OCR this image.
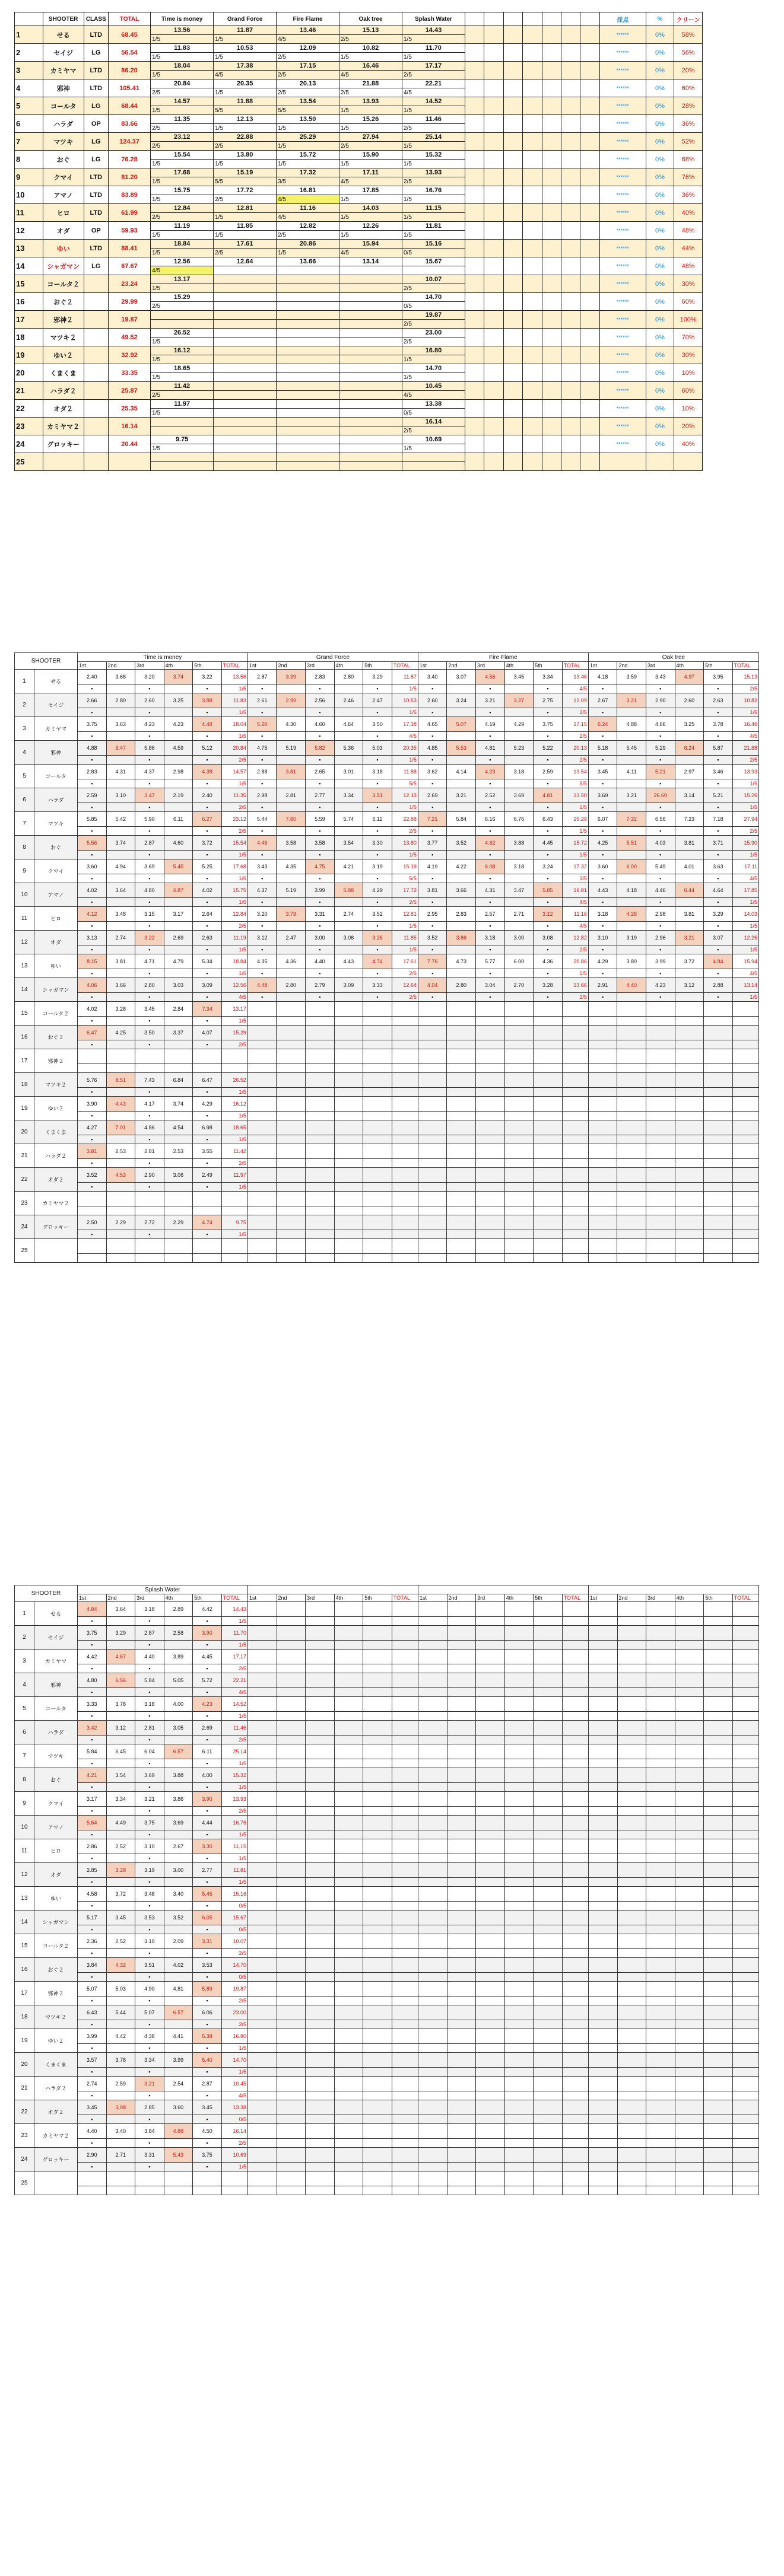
	SHOOTER	CLASS	TOTAL	Time is money	Grand Force	Fire Flame	Oak tree	Splash Water								採点	%	クリーン
1	せる	LTD	68.45	13.56	11.87	13.46	15.13	14.43								******	0%	58%
				1/5	1/5	4/5	2/5	1/5										
2	セイジ	LG	56.54	11.83	10.53	12.09	10.82	11.70								******	0%	56%
				1/5	1/5	2/5	1/5	1/5										
3	カミヤマ	LTD	86.20	18.04	17.38	17.15	16.46	17.17								******	0%	20%
				1/5	4/5	2/5	4/5	2/5										
4	邪神	LTD	105.41	20.84	20.35	20.13	21.88	22.21								******	0%	60%
				2/5	1/5	2/5	2/5	4/5										
5	コールタ	LG	68.44	14.57	11.88	13.54	13.93	14.52								******	0%	28%
				1/5	5/5	5/5	1/5	1/5										
6	ハラダ	OP	83.66	11.35	12.13	13.50	15.26	11.46								******	0%	36%
				2/5	1/5	1/5	1/5	2/5										
7	マツキ	LG	124.37	23.12	22.88	25.29	27.94	25.14								******	0%	52%
				2/5	2/5	1/5	2/5	1/5										
8	おぐ	LG	76.28	15.54	13.80	15.72	15.90	15.32								******	0%	68%
				1/5	1/5	1/5	1/5	1/5										
9	クマイ	LTD	81.20	17.68	15.19	17.32	17.11	13.93								******	0%	76%
				1/5	5/5	3/5	4/5	2/5										
10	アマノ	LTD	83.89	15.75	17.72	16.81	17.85	16.76								******	0%	36%
				1/5	2/5	4/5	1/5	1/5										
11	ヒロ	LTD	61.99	12.84	12.81	11.16	14.03	11.15								******	0%	40%
				2/5	1/5	4/5	1/5	1/5										
12	オダ	OP	59.93	11.19	11.85	12.82	12.26	11.81								******	0%	48%
				1/5	1/5	2/5	1/5	1/5										
13	ゆい	LTD	88.41	18.84	17.61	20.86	15.94	15.16								******	0%	44%
				1/5	2/5	1/5	4/5	0/5										
14	シャガマン	LG	67.67	12.56	12.64	13.66	13.14	15.67								******	0%	48%
				4/5														
15	コールタ２		23.24	13.17				10.07								******	0%	30%
				1/5				2/5										
16	おぐ２		29.99	15.29				14.70								******	0%	60%
				2/5				0/5										
17	邪神２		19.87					19.87								******	0%	100%
								2/5										
18	マツキ２		49.52	26.52				23.00								******	0%	70%
				1/5				2/5										
19	ゆい２		32.92	16.12				16.80								******	0%	30%
				1/5				1/5										
20	くまくま		33.35	18.65				14.70								******	0%	10%
				1/5				1/5										
21	ハラダ２		25.87	11.42				10.45								******	0%	60%
				2/5				4/5										
22	オダ２		25.35	11.97				13.38								******	0%	10%
				1/5				0/5										
23	カミヤマ２		16.14					16.14								******	0%	20%
								2/5										
24	グロッキー		20.44	9.75				10.69								******	0%	40%
				1/5				1/5										
25																		

SHOOTER		Time is money						Grand Force						Fire Flame						Oak tree					
		1st	2nd	3rd	4th	5th	TOTAL	1st	2nd	3rd	4th	5th	TOTAL	1st	2nd	3rd	4th	5th	TOTAL	1st	2nd	3rd	4th	5th	TOTAL
1	せる	2.40	3.68	3.20	3.74	3.22	13.56	2.87	3.39	2.83	2.80	3.29	11.87	3.40	3.07	4.56	3.45	3.34	13.46	4.18	3.59	3.43	4.97	3.95	15.13
		▪		▪		▪	1/5	▪		▪		▪	1/5	▪		▪		▪	4/5	▪		▪		▪	2/5
2	セイジ	2.66	2.80	2.60	3.25	3.88	11.83	2.61	2.99	2.56	2.46	2.47	10.53	2.60	3.24	3.21	3.27	2.75	12.09	2.67	3.21	2.90	2.60	2.63	10.82
		▪		▪		▪	1/5	▪		▪		▪	1/5	▪		▪		▪	2/5	▪		▪		▪	1/5
3	カミヤマ	3.75	3.63	4.23	4.23	4.48	18.04	5.20	4.30	4.60	4.64	3.50	17.38	4.65	5.07	4.19	4.29	3.75	17.15	6.24	4.88	4.66	3.25	3.78	16.46
		▪		▪		▪	1/5	▪		▪		▪	4/5	▪		▪		▪	2/5	▪		▪		▪	4/5
4	邪神	4.88	6.47	5.86	4.59	5.12	20.84	4.75	5.19	5.82	5.36	5.03	20.35	4.85	5.53	4.81	5.23	5.22	20.13	5.18	5.45	5.29	6.24	5.87	21.88
		▪		▪		▪	2/5	▪		▪		▪	1/5	▪		▪		▪	2/5	▪		▪		▪	2/5
5	コールタ	2.83	4.31	4.37	2.98	4.38	14.57	2.88	3.81	2.65	3.01	3.18	11.88	3.62	4.14	4.23	3.18	2.59	13.54	3.45	4.11	5.21	2.97	3.46	13.93
		▪		▪		▪	1/5	▪		▪		▪	5/5	▪		▪		▪	5/5	▪		▪		▪	1/5
6	ハラダ	2.59	3.10	3.47	2.19	2.40	11.35	2.98	2.81	2.77	3.34	3.51	12.13	2.69	3.21	2.52	3.69	4.81	13.50	3.69	3.21	26.60	3.14	5.21	15.26
		▪		▪		▪	2/5	▪		▪		▪	1/5	▪		▪		▪	1/5	▪		▪		▪	1/5
7	マツキ	5.85	5.42	5.90	6.11	6.27	23.12	5.44	7.60	5.59	5.74	6.11	22.88	7.21	5.84	6.16	6.76	6.43	25.29	6.07	7.32	6.56	7.23	7.18	27.94
		▪		▪		▪	2/5	▪		▪		▪	2/5	▪		▪		▪	1/5	▪		▪		▪	2/5
8	おぐ	5.56	3.74	2.87	4.60	3.72	15.54	4.46	3.58	3.58	3.54	3.30	13.80	3.77	3.52	4.82	3.88	4.45	15.72	4.25	5.51	4.03	3.81	3.71	15.90
		▪		▪		▪	1/5	▪		▪		▪	1/5	▪		▪		▪	1/5	▪		▪		▪	1/5
9	クマイ	3.60	4.94	3.69	5.45	5.25	17.68	3.43	4.35	4.75	4.21	3.19	15.19	4.19	4.22	6.08	3.18	3.24	17.32	3.60	6.00	5.49	4.01	3.63	17.11
		▪		▪		▪	1/5	▪		▪		▪	5/5	▪		▪		▪	3/5	▪		▪		▪	4/5
10	アマノ	4.02	3.64	4.80	4.87	4.02	15.75	4.37	5.19	3.99	5.88	4.29	17.72	3.81	3.66	4.31	3.47	5.85	16.81	4.43	4.18	4.46	6.44	4.64	17.85
		▪		▪		▪	1/5	▪		▪		▪	2/5	▪		▪		▪	4/5	▪		▪		▪	1/5
11	ヒロ	4.12	3.48	3.15	3.17	2.64	12.84	3.20	3.79	3.31	2.74	3.52	12.81	2.95	2.83	2.57	2.71	3.12	11.16	3.18	4.28	2.98	3.81	3.29	14.03
		▪		▪		▪	2/5	▪		▪		▪	1/5	▪		▪		▪	4/5	▪		▪		▪	1/5
12	オダ	3.13	2.74	3.22	2.69	2.63	11.19	3.12	2.47	3.00	3.08	3.26	11.85	3.52	3.86	3.18	3.00	3.08	12.82	3.10	3.19	2.96	3.21	3.07	12.26
		▪		▪		▪	1/5	▪		▪		▪	1/5	▪		▪		▪	2/5	▪		▪		▪	1/5
13	ゆい	8.15	3.81	4.71	4.79	5.34	18.84	4.35	4.36	4.40	4.43	4.74	17.61	7.76	4.73	5.77	6.00	4.36	20.86	4.29	3.80	3.99	3.72	4.84	15.94
		▪		▪		▪	1/5	▪		▪		▪	2/5	▪		▪		▪	1/5	▪		▪		▪	4/5
14	シャガマン	4.06	3.66	2.80	3.03	3.09	12.56	4.48	2.80	2.79	3.09	3.33	12.64	4.04	2.80	3.04	2.70	3.28	13.66	2.91	4.40	4.23	3.12	2.88	13.14
		▪		▪		▪	4/5	▪		▪		▪	2/5	▪		▪		▪	2/5	▪		▪		▪	1/5
15	コールタ２	4.02	3.28	3.45	2.84	7.34	13.17																		
		▪		▪		▪	1/5																		
16	おぐ２	6.47	4.25	3.50	3.37	4.07	15.29																		
		▪		▪		▪	2/5																		
17	邪神２																								

18	マツキ２	5.76	8.51	7.43	6.84	6.47	26.52																		
		▪		▪		▪	1/5																		
19	ゆい２	3.90	4.43	4.17	3.74	4.29	16.12																		
		▪		▪		▪	1/5																		
20	くまくま	4.27	7.01	4.86	4.54	6.98	18.65																		
		▪		▪		▪	1/5																		
21	ハラダ２	3.81	2.53	2.81	2.53	3.55	11.42																		
		▪		▪		▪	2/5																		
22	オダ２	3.52	4.53	2.90	3.06	2.49	11.97																		
		▪		▪		▪	1/5																		
23	カミヤマ２																								

24	グロッキー	2.50	2.29	2.72	2.29	4.74	9.75																		
		▪		▪		▪	1/5																		
25																									

SHOOTER		Splash Water																							
		1st	2nd	3rd	4th	5th	TOTAL	1st	2nd	3rd	4th	5th	TOTAL	1st	2nd	3rd	4th	5th	TOTAL	1st	2nd	3rd	4th	5th	TOTAL
1	せる	4.84	3.64	3.18	2.89	4.42	14.43																		
		▪		▪		▪	1/5																		
2	セイジ	3.75	3.29	2.87	2.58	3.90	11.70																		
		▪		▪		▪	1/5																		
3	カミヤマ	4.42	4.67	4.40	3.89	4.45	17.17																		
		▪		▪		▪	2/5																		
4	邪神	4.80	6.56	5.84	5.05	5.72	22.21																		
		▪		▪		▪	4/5																		
5	コールタ	3.33	3.78	3.18	4.00	4.23	14.52																		
		▪		▪		▪	1/5																		
6	ハラダ	3.42	3.12	2.81	3.05	2.69	11.46																		
		▪		▪		▪	2/5																		
7	マツキ	5.84	6.45	6.04	6.57	6.11	25.14																		
		▪		▪		▪	1/5																		
8	おぐ	4.21	3.54	3.69	3.88	4.00	15.32																		
		▪		▪		▪	1/5																		
9	クマイ	3.17	3.34	3.21	3.86	3.90	13.93																		
		▪		▪		▪	2/5																		
10	アマノ	5.64	4.49	3.75	3.69	4.44	16.76																		
		▪		▪		▪	1/5																		
11	ヒロ	2.86	2.52	3.10	2.67	3.30	11.15																		
		▪		▪		▪	1/5																		
12	オダ	2.85	3.28	3.19	3.00	2.77	11.81																		
		▪		▪		▪	1/5																		
13	ゆい	4.58	3.72	3.48	3.40	5.45	15.16																		
		▪		▪		▪	0/5																		
14	シャガマン	5.17	3.45	3.53	3.52	6.05	15.67																		
		▪		▪		▪	0/5																		
15	コールタ２	2.36	2.52	3.10	2.09	3.31	10.07																		
		▪		▪		▪	2/5																		
16	おぐ２	3.84	4.32	3.51	4.02	3.53	14.70																		
		▪		▪		▪	0/5																		
17	邪神２	5.07	5.03	4.90	4.81	5.89	19.87																		
		▪		▪		▪	2/5																		
18	マツキ２	6.43	5.44	5.07	6.57	6.06	23.00																		
		▪		▪		▪	2/5																		
19	ゆい２	3.99	4.42	4.38	4.41	5.38	16.80																		
		▪		▪		▪	1/5																		
20	くまくま	3.57	3.78	3.34	3.99	5.40	14.70																		
		▪		▪		▪	1/5																		
21	ハラダ２	2.74	2.59	3.21	2.54	2.87	10.45																		
		▪		▪		▪	4/5																		
22	オダ２	3.45	3.98	2.85	3.60	3.45	13.38																		
		▪		▪		▪	0/5																		
23	カミヤマ２	4.40	3.40	3.84	4.88	4.50	16.14																		
		▪		▪		▪	2/5																		
24	グロッキー	2.90	2.71	3.31	5.43	3.75	10.69																		
		▪		▪		▪	1/5																		
25																									
